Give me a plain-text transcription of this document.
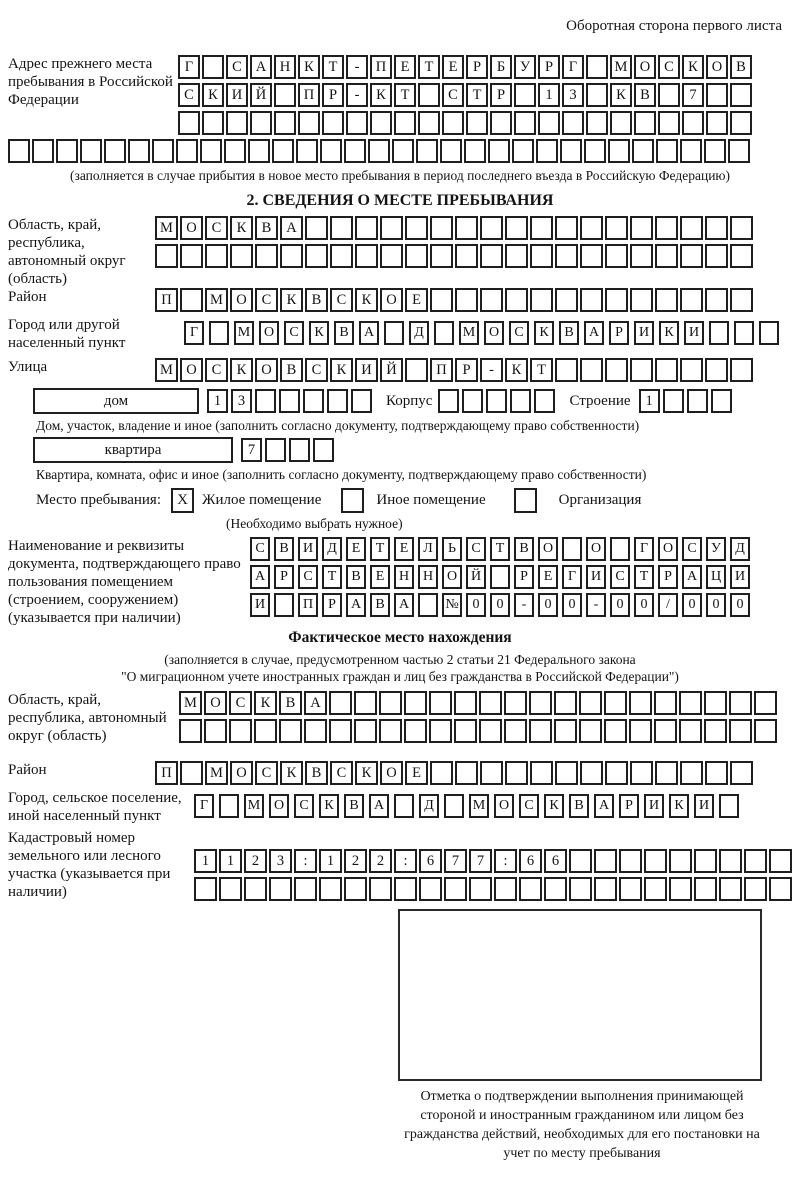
Оборотная сторона первого листа
Адрес прежнего места пребывания в Российской Федерации
Г	С А Н К	Т	-	П Е	Т	Е	Р	Б	У	Р	Г	М О С К О В
С К И Й	П	Р	-	К	Т	С	Т	Р	1	3	К В	7
(заполняется в случае прибытия в новое место пребывания в период последнего въезда в Российскую Федерацию)
2. СВЕДЕНИЯ О МЕСТЕ ПРЕБЫВАНИЯ
Область, край, республика, автономный округ (область)
М О	С	К	В	А
Район	П	М О	С	К	В	С	К	О	Е
Город или другой населенный пункт
Г	М О	С	К	В	А	Д	М О	С	К	В	А	Р	И	К	И
Улица	М О	С	К	О	В	С	К	И	Й	П	Р	-	К	Т
дом	1	3	Корпус	Строение	1
Дом, участок, владение и иное (заполнить согласно документу, подтверждающему право собственности)
квартира	7
Квартира, комната, офис и иное (заполнить согласно документу, подтверждающему право собственности)
Место пребывания:	X Жилое помещение	Иное помещение	Организация
(Необходимо выбрать нужное)
Наименование и реквизиты документа, подтверждающего право пользования помещением (строением, сооружением) (указывается при наличии)
С	В	И	Д	Е	Т	Е	Л	Ь	С	Т	В	О	О	Г	О	С	У	Д
А	Р	С	Т	В	Е	Н Н О Й	Р	Е	Г	И	С	Т	Р	А Ц И
И	П	Р	А	В	А	№ 0	0	-	0	0	-	0	0	/	0	0	0
Фактическое место нахождения
(заполняется в случае, предусмотренном частью 2 статьи 21 Федерального закона
"О миграционном учете иностранных граждан и лиц без гражданства в Российской Федерации")
Область, край, республика, автономный округ (область)
М О	С	К	В	А
Район	П	М О	С	К	В	С	К	О	Е
Город, сельское поселение, иной населенный пункт
Г	М О	С	К	В	А	Д	М О	С	К	В	А	Р	И	К	И
Кадастровый номер земельного или лесного участка (указывается при наличии)
1	1	2	3	:	1	2	2	:	6	7	7	:	6	6
Отметка о подтверждении выполнения принимающей стороной и иностранным гражданином или лицом без гражданства действий, необходимых для его постановки на учет по месту пребывания
